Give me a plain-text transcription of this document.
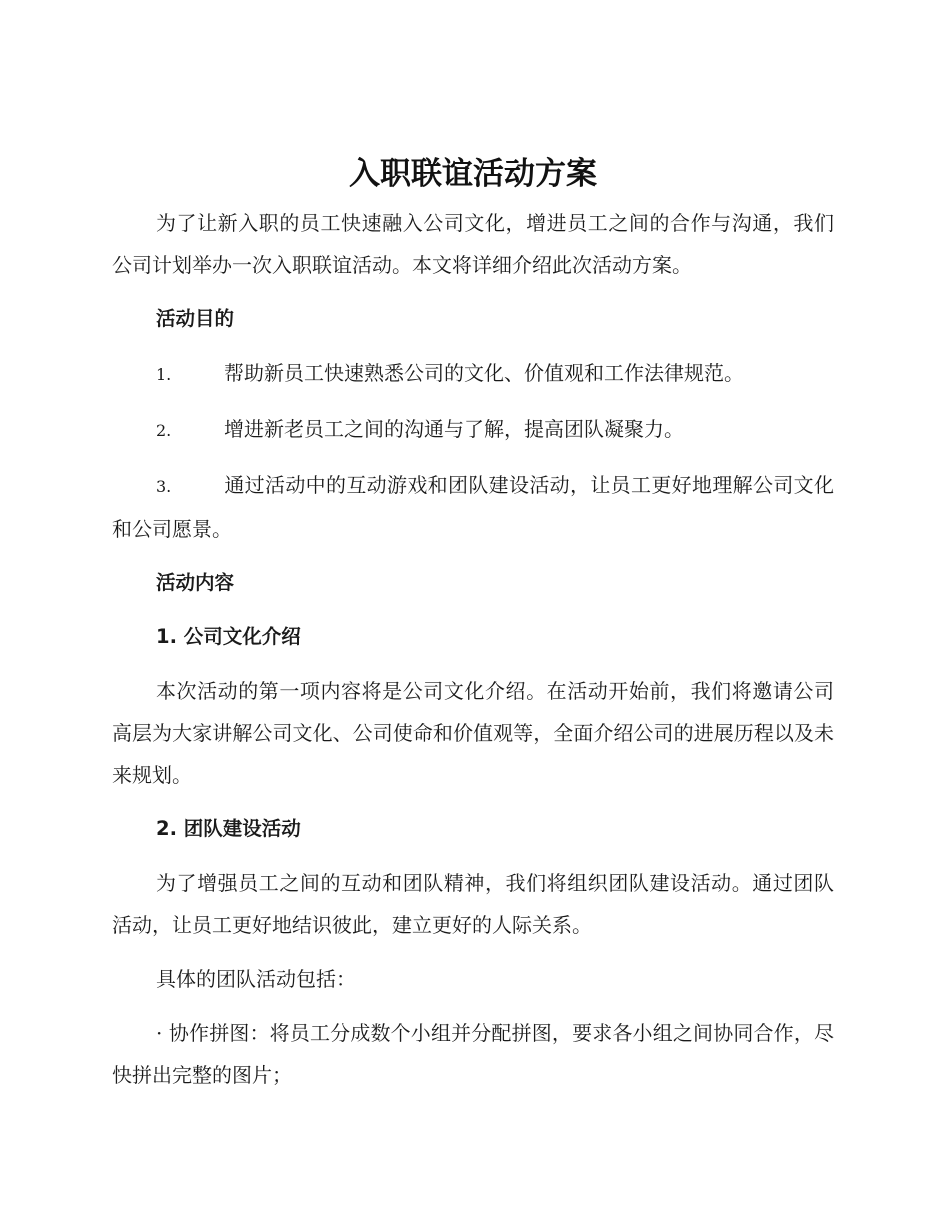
入职联谊活动方案

为了让新入职的员工快速融入公司文化，增进员工之间的合作与沟通，我们公司计划举办一次入职联谊活动。本文将详细介绍此次活动方案。

活动目的
1.	帮助新员工快速熟悉公司的文化、价值观和工作法律规范。
2.	增进新老员工之间的沟通与了解，提高团队凝聚力。
3.	通过活动中的互动游戏和团队建设活动，让员工更好地理解公司文化和公司愿景。
活动内容
1. 公司文化介绍

本次活动的第一项内容将是公司文化介绍。在活动开始前，我们将邀请公司高层为大家讲解公司文化、公司使命和价值观等，全面介绍公司的进展历程以及未来规划。

2. 团队建设活动

为了增强员工之间的互动和团队精神，我们将组织团队建设活动。通过团队活动，让员工更好地结识彼此，建立更好的人际关系。

具体的团队活动包括：

· 协作拼图：将员工分成数个小组并分配拼图，要求各小组之间协同合作，尽快拼出完整的图片；
